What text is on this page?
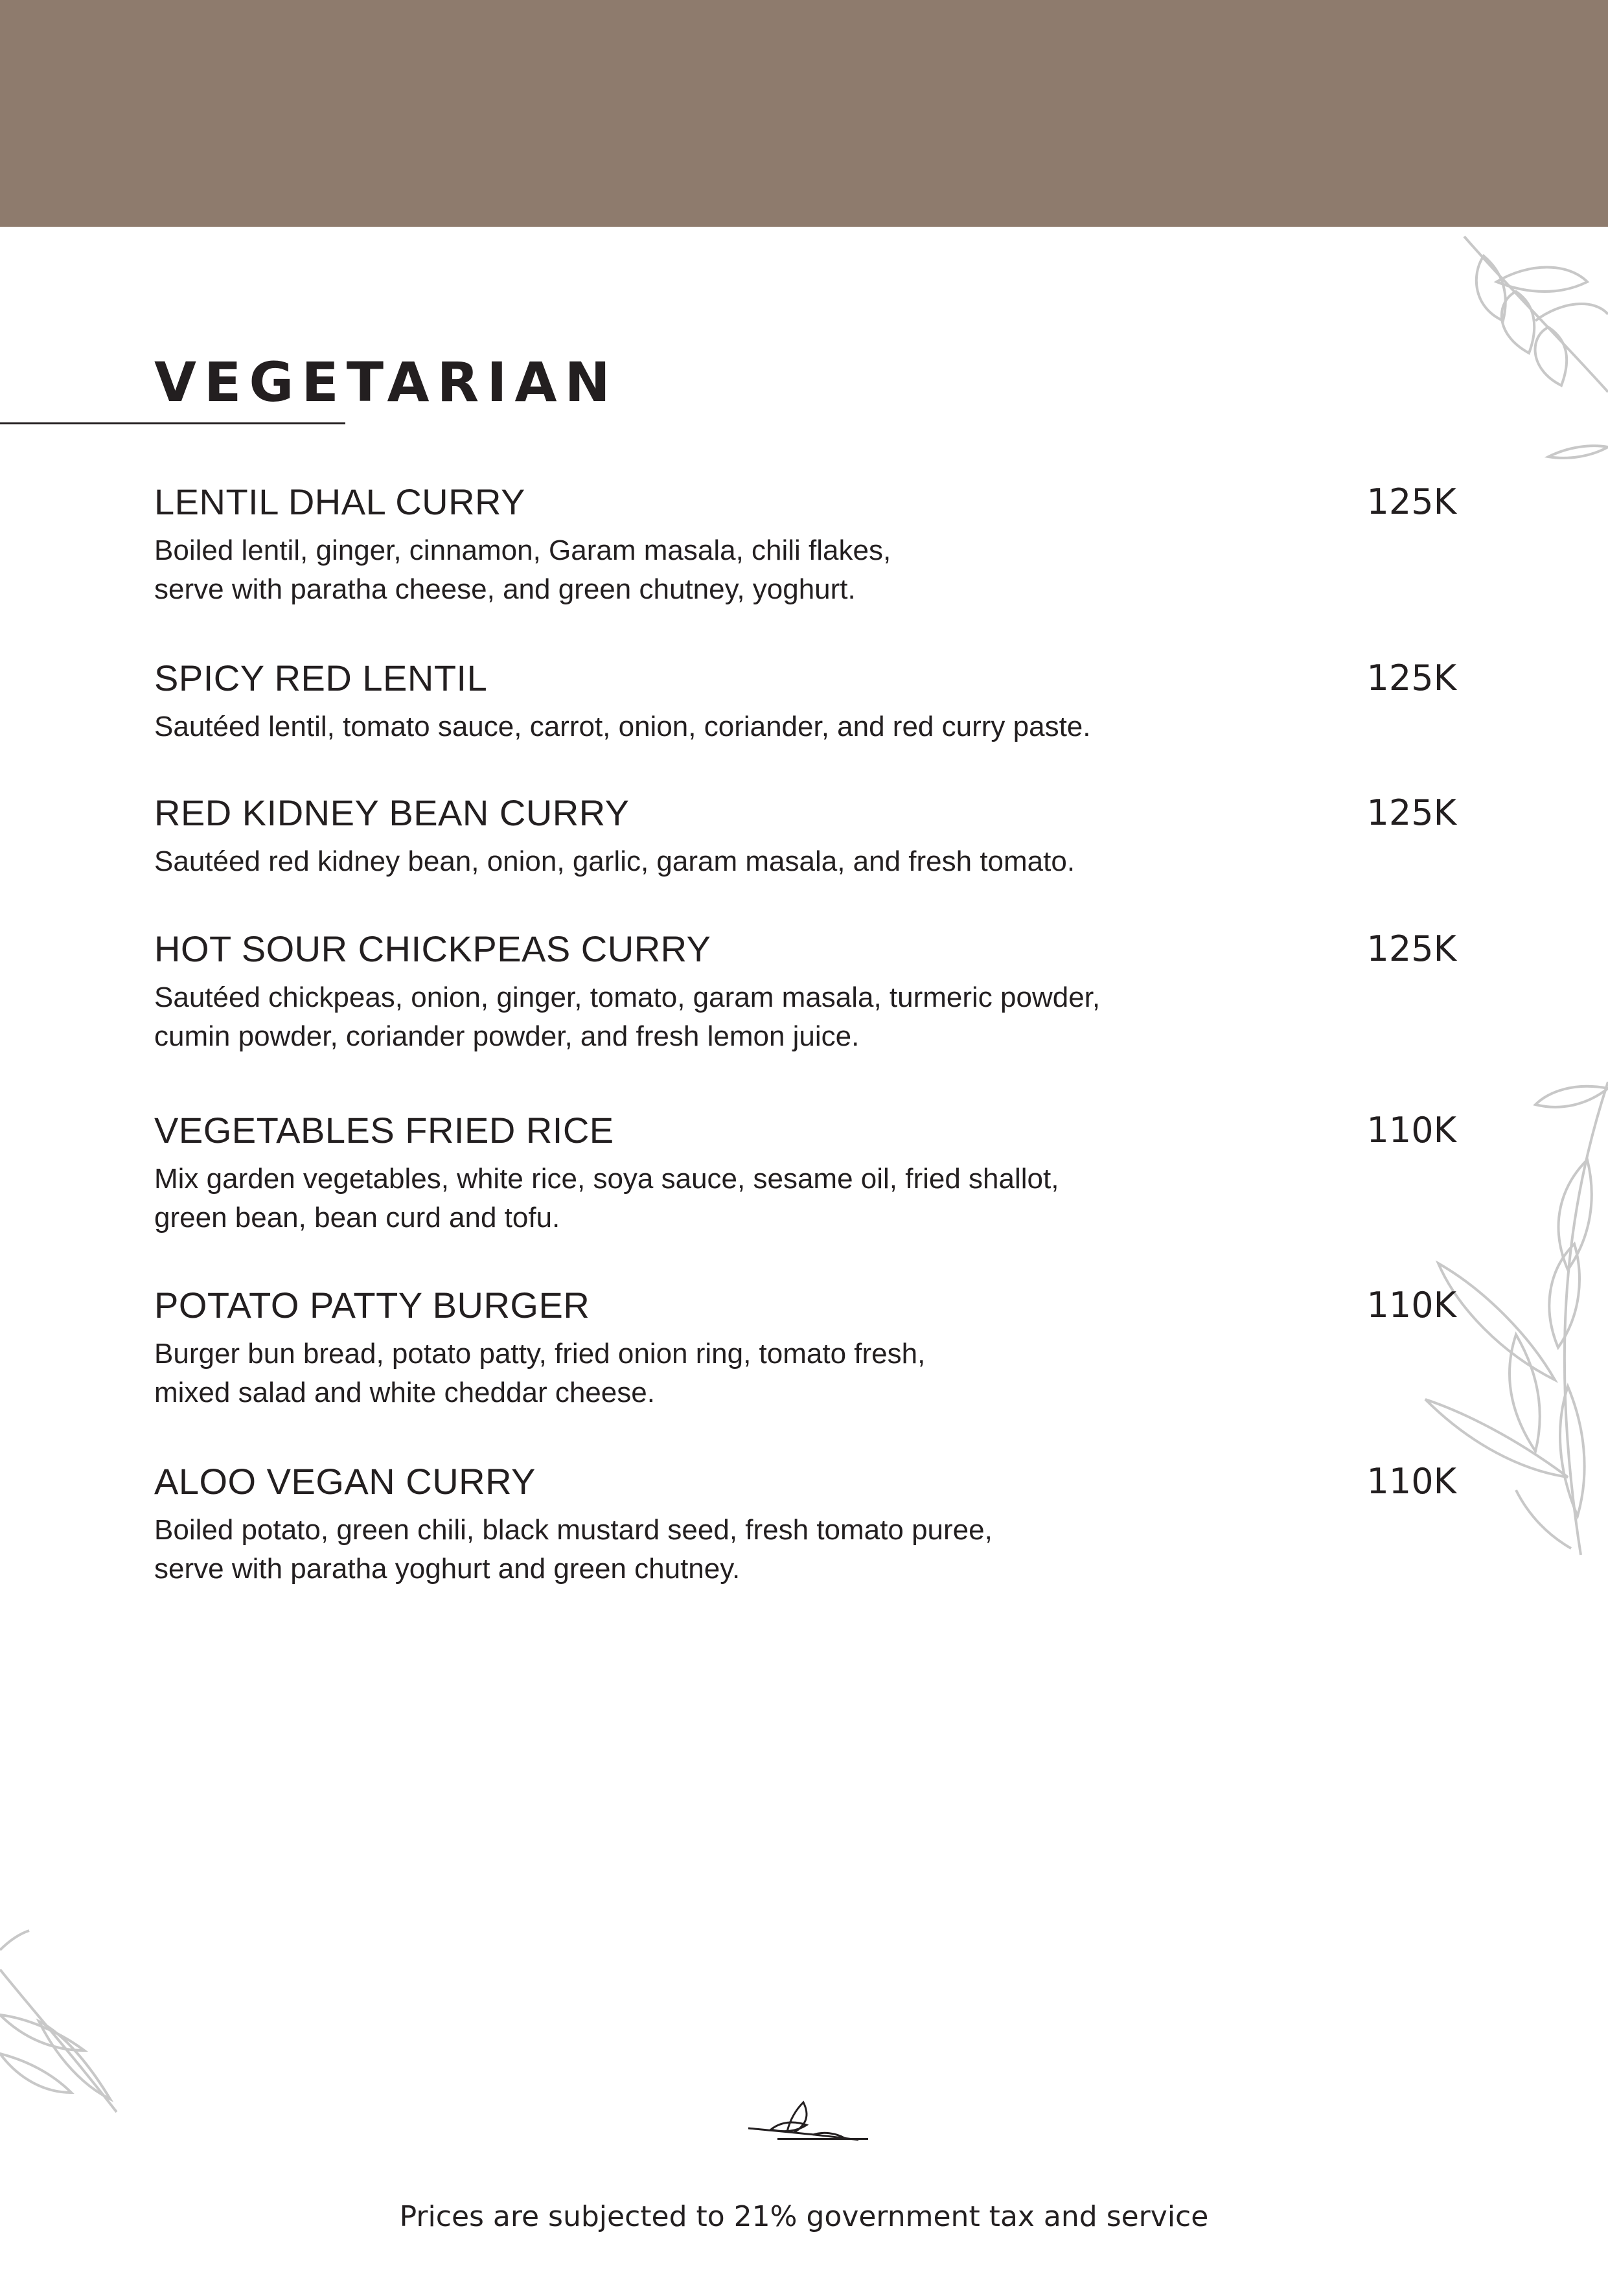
VEGETARIAN
LENTIL DHAL CURRY	125K
Boiled lentil, ginger, cinnamon, Garam masala, chili flakes,
serve with paratha cheese, and green chutney, yoghurt.
SPICY RED LENTIL	125K
Sautéed lentil, tomato sauce, carrot, onion, coriander, and red curry paste.
RED KIDNEY BEAN CURRY	125K
Sautéed red kidney bean, onion, garlic, garam masala, and fresh tomato.
HOT SOUR CHICKPEAS CURRY	125K
Sautéed chickpeas, onion, ginger, tomato, garam masala, turmeric powder,
cumin powder, coriander powder, and fresh lemon juice.
VEGETABLES FRIED RICE	110K
Mix garden vegetables, white rice, soya sauce, sesame oil, fried shallot,
green bean, bean curd and tofu.
POTATO PATTY BURGER	110K
Burger bun bread, potato patty, fried onion ring, tomato fresh,
mixed salad and white cheddar cheese.
ALOO VEGAN CURRY	110K
Boiled potato, green chili, black mustard seed, fresh tomato puree,
serve with paratha yoghurt and green chutney.
Prices are subjected to 21% government tax and service
